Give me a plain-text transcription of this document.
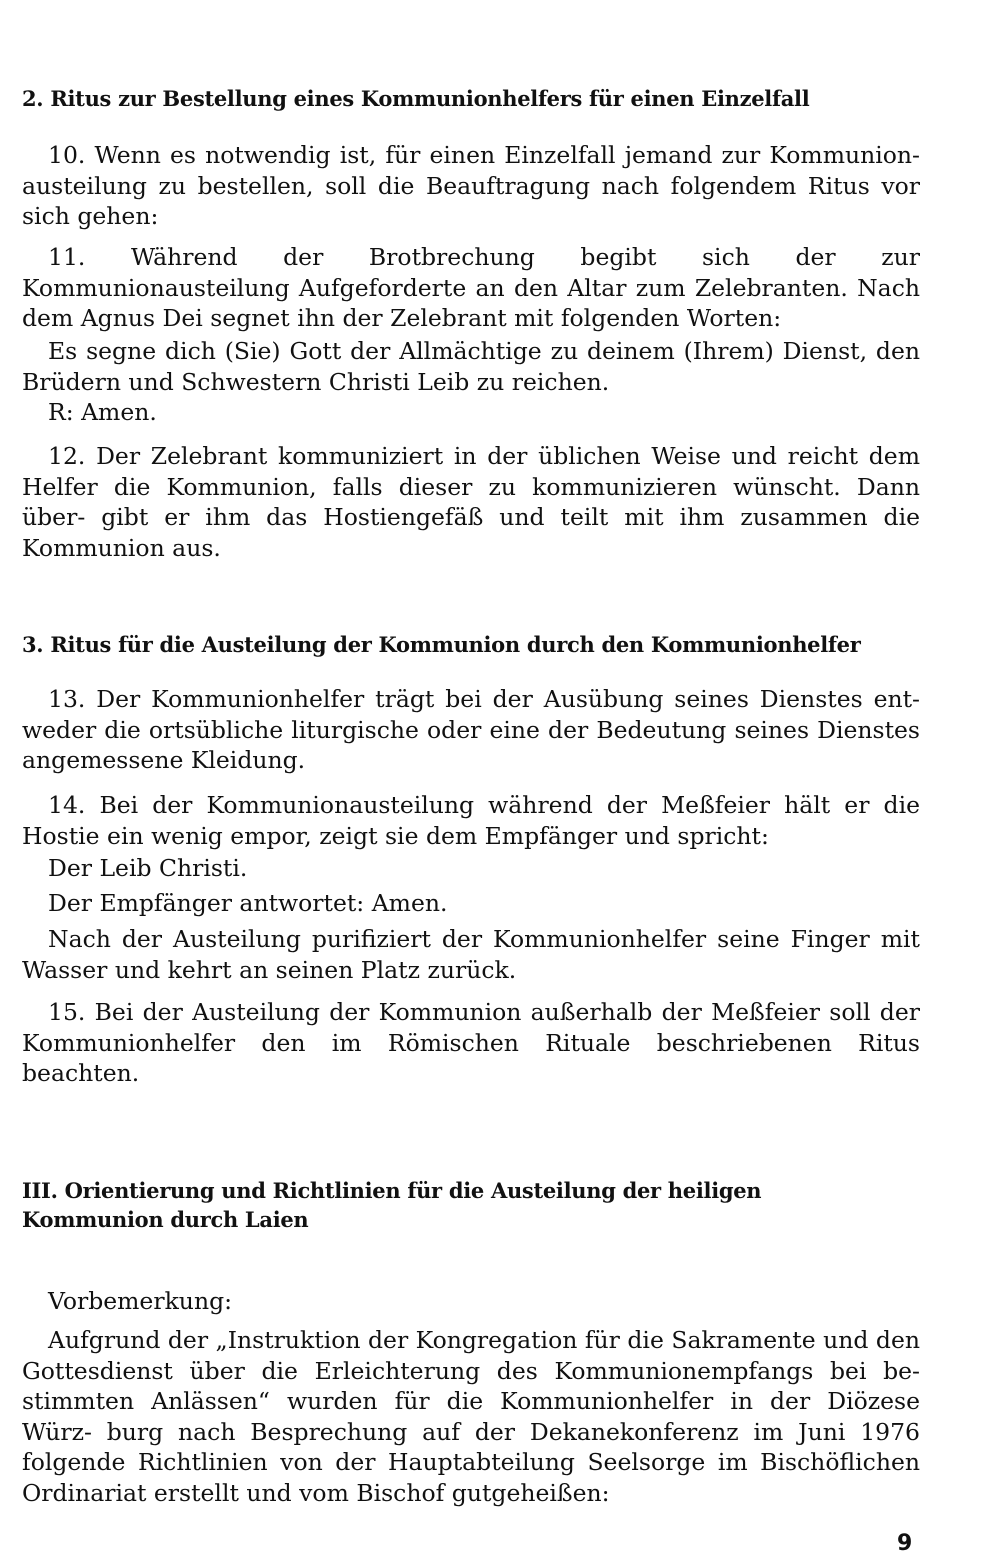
2. Ritus zur Bestellung eines Kommunionhelfers für einen Einzelfall

10. Wenn es notwendig ist, für einen Einzelfall jemand zur Kommunion- austeilung zu bestellen, soll die Beauftragung nach folgendem Ritus vor sich gehen:

11. Während der Brotbrechung begibt sich der zur Kommunionausteilung Aufgeforderte an den Altar zum Zelebranten. Nach dem Agnus Dei segnet ihn der Zelebrant mit folgenden Worten:

Es segne dich (Sie) Gott der Allmächtige zu deinem (Ihrem) Dienst, den Brüdern und Schwestern Christi Leib zu reichen.

R: Amen.

12. Der Zelebrant kommuniziert in der üblichen Weise und reicht dem Helfer die Kommunion, falls dieser zu kommunizieren wünscht. Dann über- gibt er ihm das Hostiengefäß und teilt mit ihm zusammen die Kommunion aus.

3. Ritus für die Austeilung der Kommunion durch den Kommunionhelfer

13. Der Kommunionhelfer trägt bei der Ausübung seines Dienstes ent- weder die ortsübliche liturgische oder eine der Bedeutung seines Dienstes angemessene Kleidung.

14. Bei der Kommunionausteilung während der Meßfeier hält er die Hostie ein wenig empor, zeigt sie dem Empfänger und spricht:

Der Leib Christi.

Der Empfänger antwortet: Amen.

Nach der Austeilung purifiziert der Kommunionhelfer seine Finger mit Wasser und kehrt an seinen Platz zurück.

15. Bei der Austeilung der Kommunion außerhalb der Meßfeier soll der Kommunionhelfer den im Römischen Rituale beschriebenen Ritus beachten.

III. Orientierung und Richtlinien für die Austeilung der heiligen
Kommunion durch Laien

Vorbemerkung:

Aufgrund der „Instruktion der Kongregation für die Sakramente und den Gottesdienst über die Erleichterung des Kommunionempfangs bei be- stimmten Anlässen“ wurden für die Kommunionhelfer in der Diözese Würz- burg nach Besprechung auf der Dekanekonferenz im Juni 1976 folgende Richtlinien von der Hauptabteilung Seelsorge im Bischöflichen Ordinariat erstellt und vom Bischof gutgeheißen:

9
